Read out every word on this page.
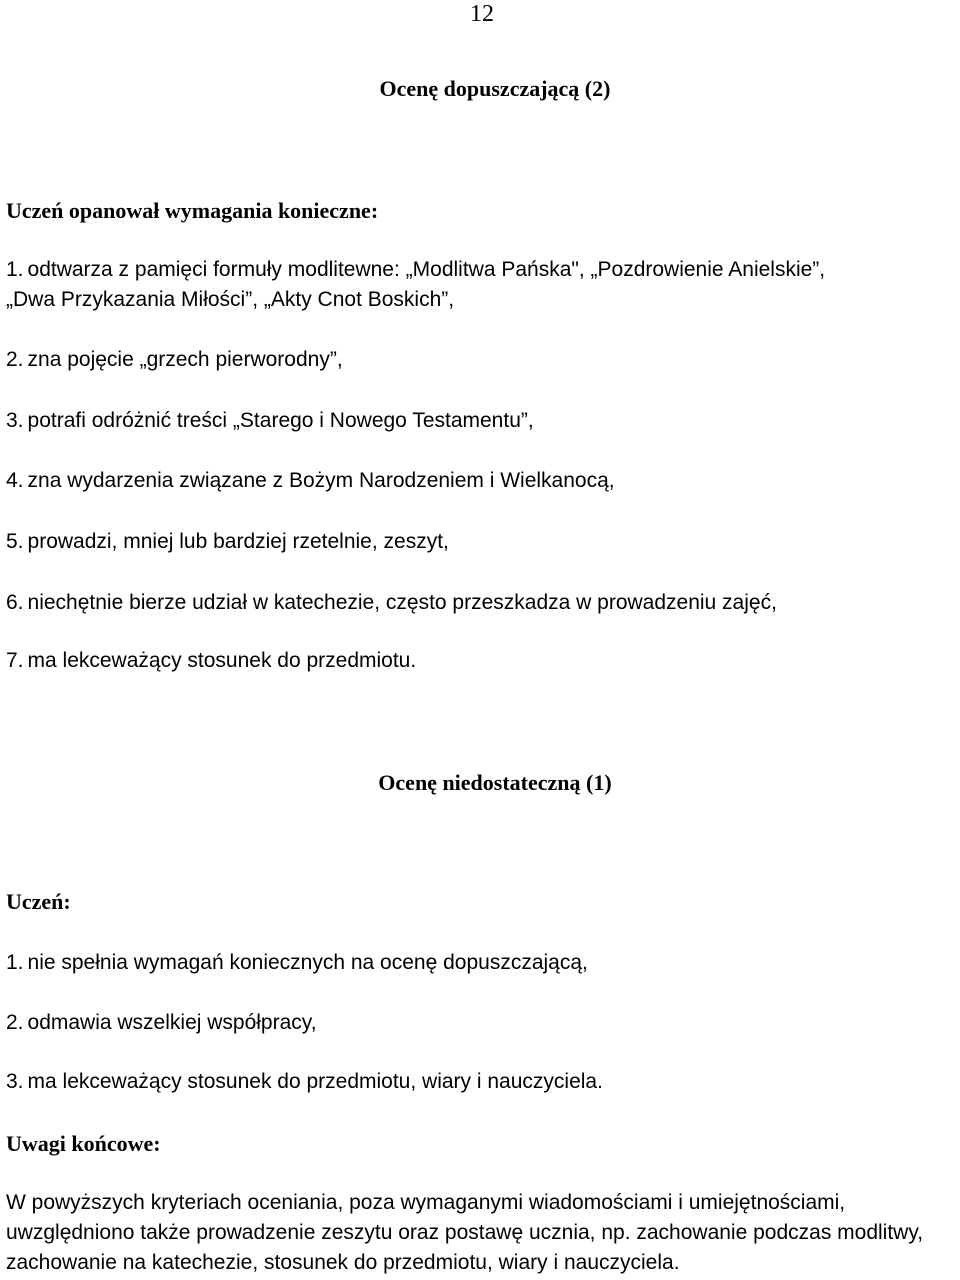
12
Ocenę dopuszczającą (2)
Uczeń opanował wymagania konieczne:
1. odtwarza z pamięci formuły modlitewne: „Modlitwa Pańska", „Pozdrowienie Anielskie”,
„Dwa Przykazania Miłości”, „Akty Cnot Boskich”,
2. zna pojęcie „grzech pierworodny”,
3. potrafi odróżnić treści „Starego i Nowego Testamentu”,
4. zna wydarzenia związane z Bożym Narodzeniem i Wielkanocą,
5. prowadzi, mniej lub bardziej rzetelnie, zeszyt,
6. niechętnie bierze udział w katechezie, często przeszkadza w prowadzeniu zajęć,
7. ma lekceważący stosunek do przedmiotu.
Ocenę niedostateczną (1)
Uczeń:
1. nie spełnia wymagań koniecznych na ocenę dopuszczającą,
2. odmawia wszelkiej współpracy,
3. ma lekceważący stosunek do przedmiotu, wiary i nauczyciela.
Uwagi końcowe:
W powyższych kryteriach oceniania, poza wymaganymi wiadomościami i umiejętnościami, uwzględniono także prowadzenie zeszytu oraz postawę ucznia, np. zachowanie podczas modlitwy, zachowanie na katechezie, stosunek do przedmiotu, wiary i nauczyciela.
